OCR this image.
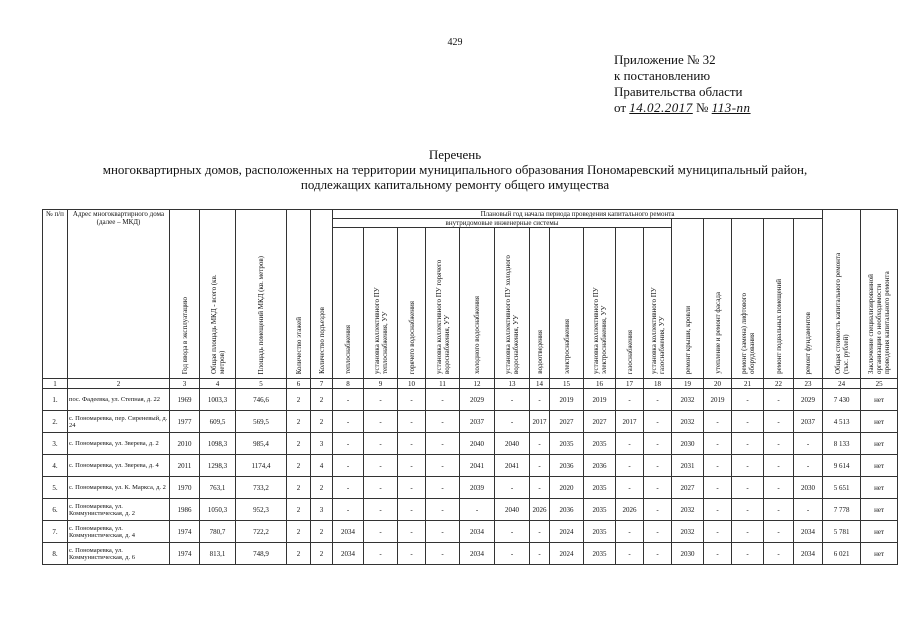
429
Приложение № 32
к постановлению
Правительства области
от 14.02.2017 № 113-пп
Перечень
многоквартирных домов, расположенных на территории муниципального образования Пономаревский муниципальный район,
подлежащих капитальному ремонту общего имущества
№ п/п	Адрес многоквартирного дома (далее – МКД)	Год ввода в эксплуатацию	Общая площадь МКД - всего (кв. метров)	Площадь помещений МКД (кв. метров)	Количество этажей	Количество подъездов	Плановый год начала периода проведения капитального ремонта																Общая стоимость капитального ремонта (тыс. рублей)	Заключение специализированной организации о необходимости проведения капитального ремонта
							внутридомовые инженерные системы											ремонт крыши, кровли	утепление и ремонт фасада	ремонт (замена) лифтового оборудования	ремонт подвальных помещений	ремонт фундаментов		
							теплоснабжения	установка коллективного ПУ теплоснабжения, УУ	горячего водоснабжения	установка коллективного ПУ горячего водоснабжения, УУ	холодного водоснабжения	установка коллективного ПУ холодного водоснабжения, УУ	водоотведения	электроснабжения	установка коллективного ПУ электроснабжения, УУ	газоснабжения	установка коллективного ПУ газоснабжения, УУ							
1	2	3	4	5	6	7	8	9	10	11	12	13	14	15	16	17	18	19	20	21	22	23	24	25
1.	пос. Фадеевка, ул. Степная, д. 22	1969	1003,3	746,6	2	2	-	-	-	-	2029	-	-	2019	2019	-	-	2032	2019	-	-	2029	7 430	нет
2.	с. Пономаревка, пер. Сиреневый, д. 24	1977	609,5	569,5	2	2	-	-	-	-	2037	-	2017	2027	2027	2017	-	2032	-	-	-	2037	4 513	нет
3.	с. Пономаревка, ул. Зверева, д. 2	2010	1098,3	985,4	2	3	-	-	-	-	2040	2040	-	2035	2035	-	-	2030	-	-	-	-	8 133	нет
4.	с. Пономаревка, ул. Зверева, д. 4	2011	1298,3	1174,4	2	4	-	-	-	-	2041	2041	-	2036	2036	-	-	2031	-	-	-	-	9 614	нет
5.	с. Пономаревка, ул. К. Маркса, д. 2	1970	763,1	733,2	2	2	-	-	-	-	2039	-	-	2020	2035	-	-	2027	-	-	-	2030	5 651	нет
6.	с. Пономаревка, ул. Коммунистическая, д. 2	1986	1050,3	952,3	2	3	-	-	-	-	-	2040	2026	2036	2035	2026	-	2032	-	-	-	-	7 778	нет
7.	с. Пономаревка, ул. Коммунистическая, д. 4	1974	780,7	722,2	2	2	2034	-	-	-	2034	-	-	2024	2035	-	-	2032	-	-	-	2034	5 781	нет
8.	с. Пономаревка, ул. Коммунистическая, д. 6	1974	813,1	748,9	2	2	2034	-	-	-	2034	-	-	2024	2035	-	-	2030	-	-	-	2034	6 021	нет
